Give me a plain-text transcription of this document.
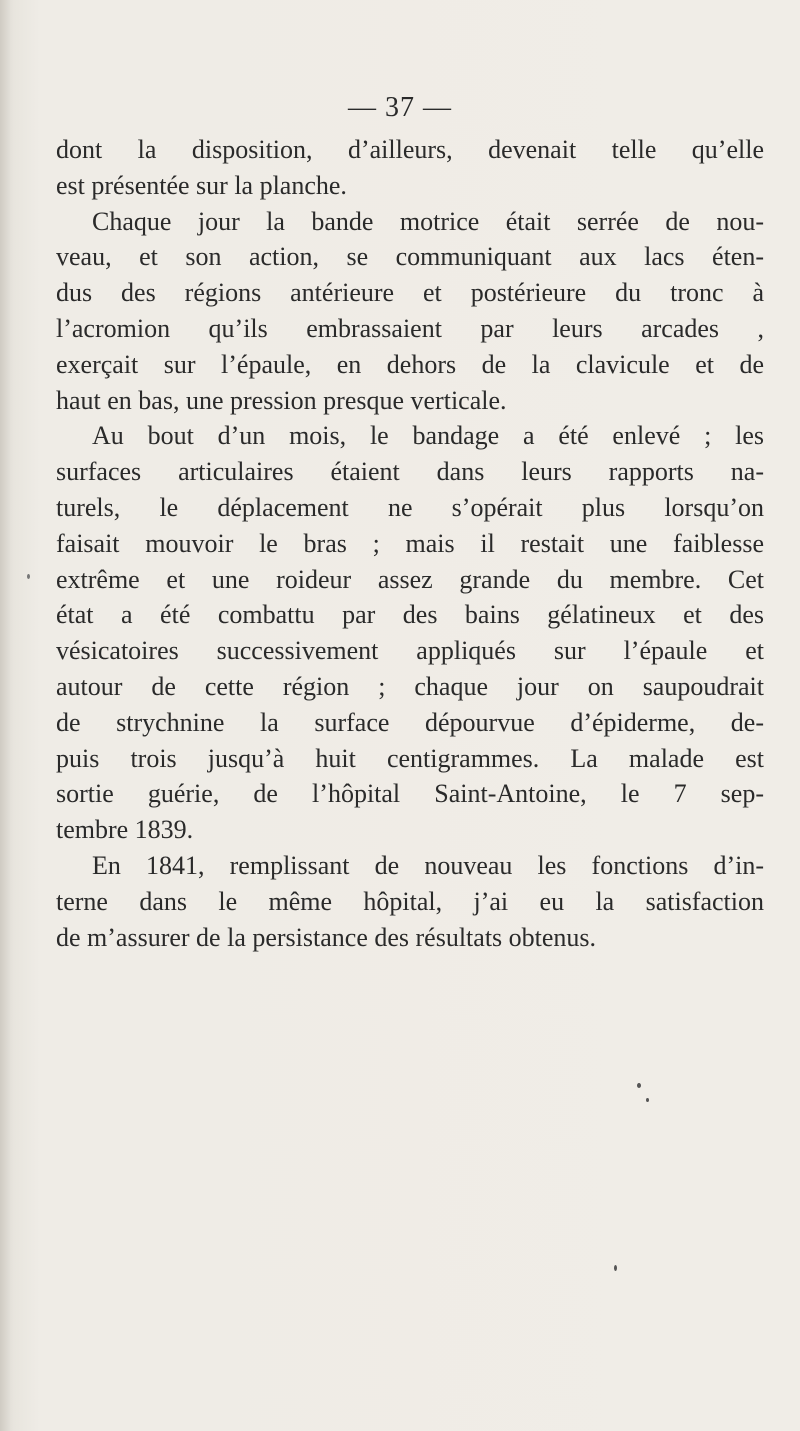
— 37 —
dont la disposition, d’ailleurs, devenait telle qu’elle
est présentée sur la planche.
Chaque jour la bande motrice était serrée de nou-
veau, et son action, se communiquant aux lacs éten-
dus des régions antérieure et postérieure du tronc à
l’acromion qu’ils embrassaient par leurs arcades ,
exerçait sur l’épaule, en dehors de la clavicule et de
haut en bas, une pression presque verticale.
Au bout d’un mois, le bandage a été enlevé ; les
surfaces articulaires étaient dans leurs rapports na-
turels, le déplacement ne s’opérait plus lorsqu’on
faisait mouvoir le bras ; mais il restait une faiblesse
extrême et une roideur assez grande du membre. Cet
état a été combattu par des bains gélatineux et des
vésicatoires successivement appliqués sur l’épaule et
autour de cette région ; chaque jour on saupoudrait
de strychnine la surface dépourvue d’épiderme, de-
puis trois jusqu’à huit centigrammes. La malade est
sortie guérie, de l’hôpital Saint-Antoine, le 7 sep-
tembre 1839.
En 1841, remplissant de nouveau les fonctions d’in-
terne dans le même hôpital, j’ai eu la satisfaction
de m’assurer de la persistance des résultats obtenus.
